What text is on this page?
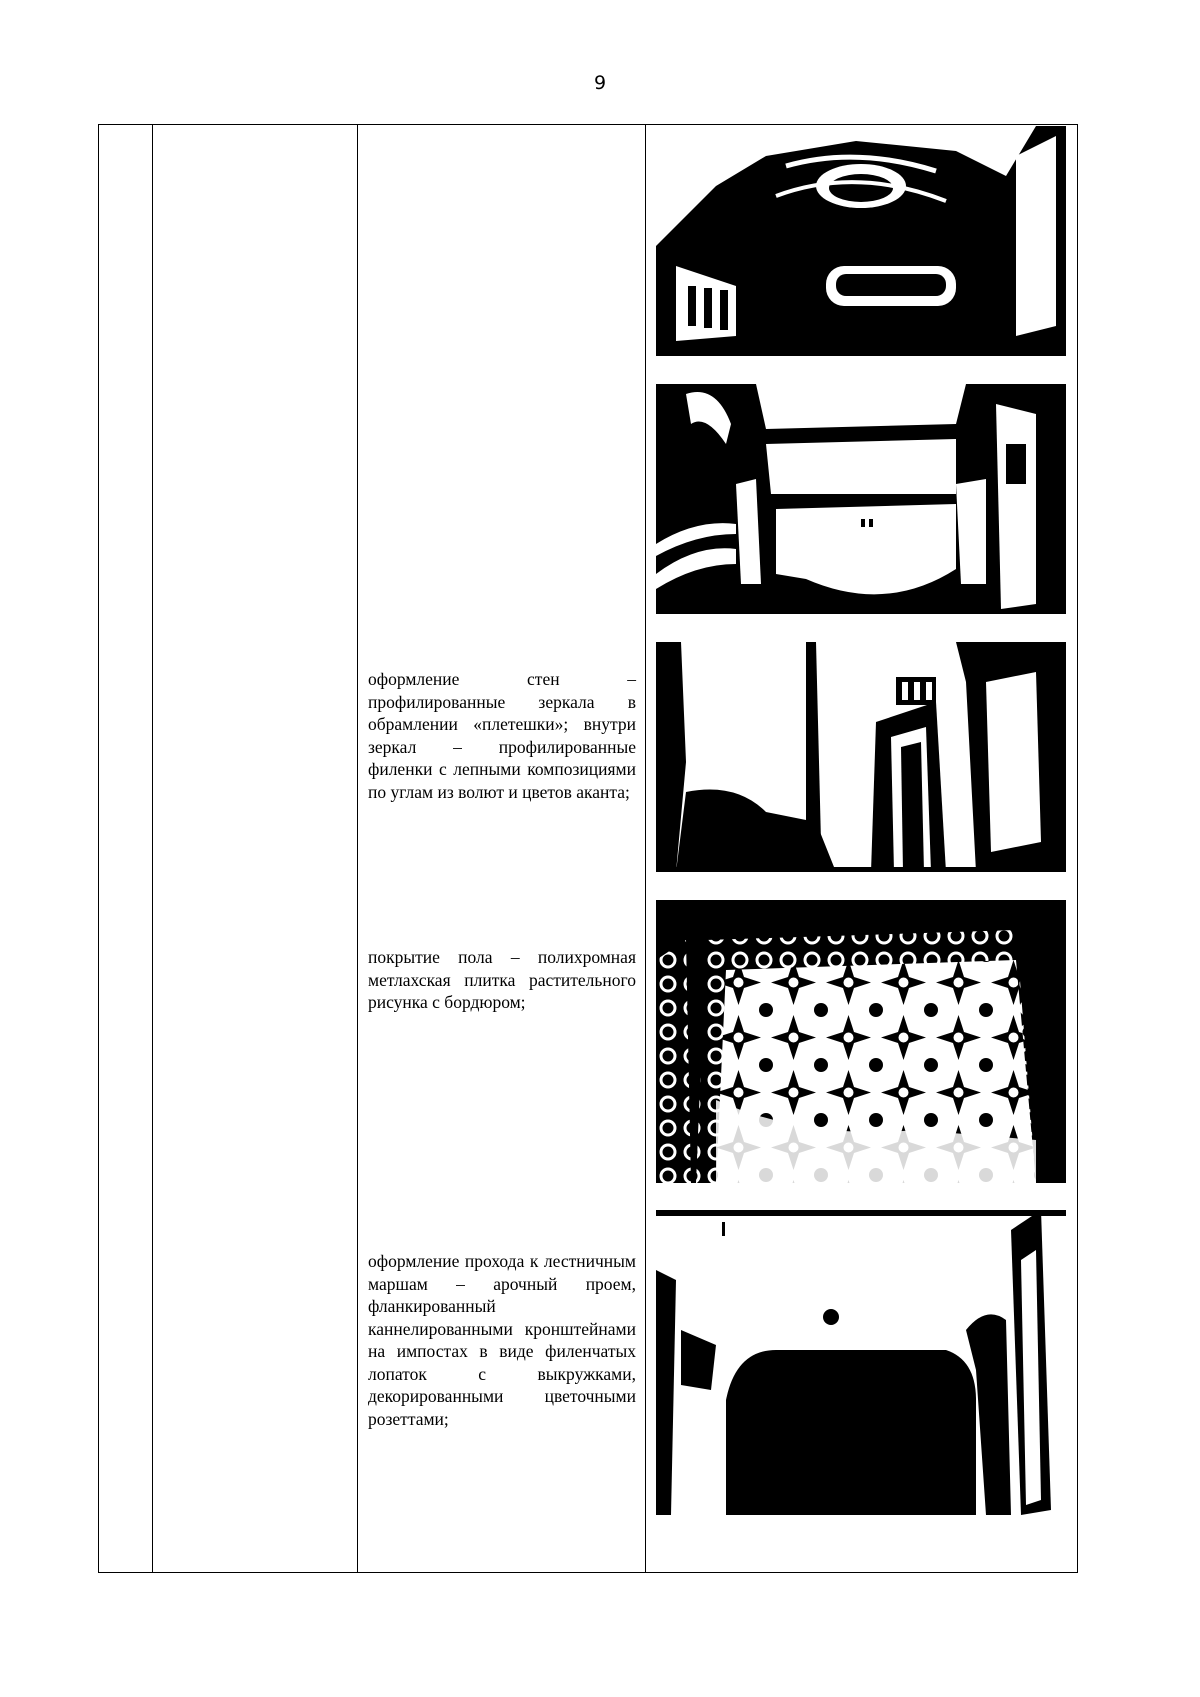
9
оформление стен – профилированные зеркала в обрамлении «плетешки»; внутри зеркал – профилированные филенки с лепными композициями по углам из волют и цветов аканта;
покрытие пола – полихромная метлахская плитка растительного рисунка с бордюром;
оформление прохода к лестничным маршам – арочный проем, фланкированный каннелированными кронштейнами на импостах в виде филенчатых лопаток с выкружками, декорированными цветочными розеттами;
